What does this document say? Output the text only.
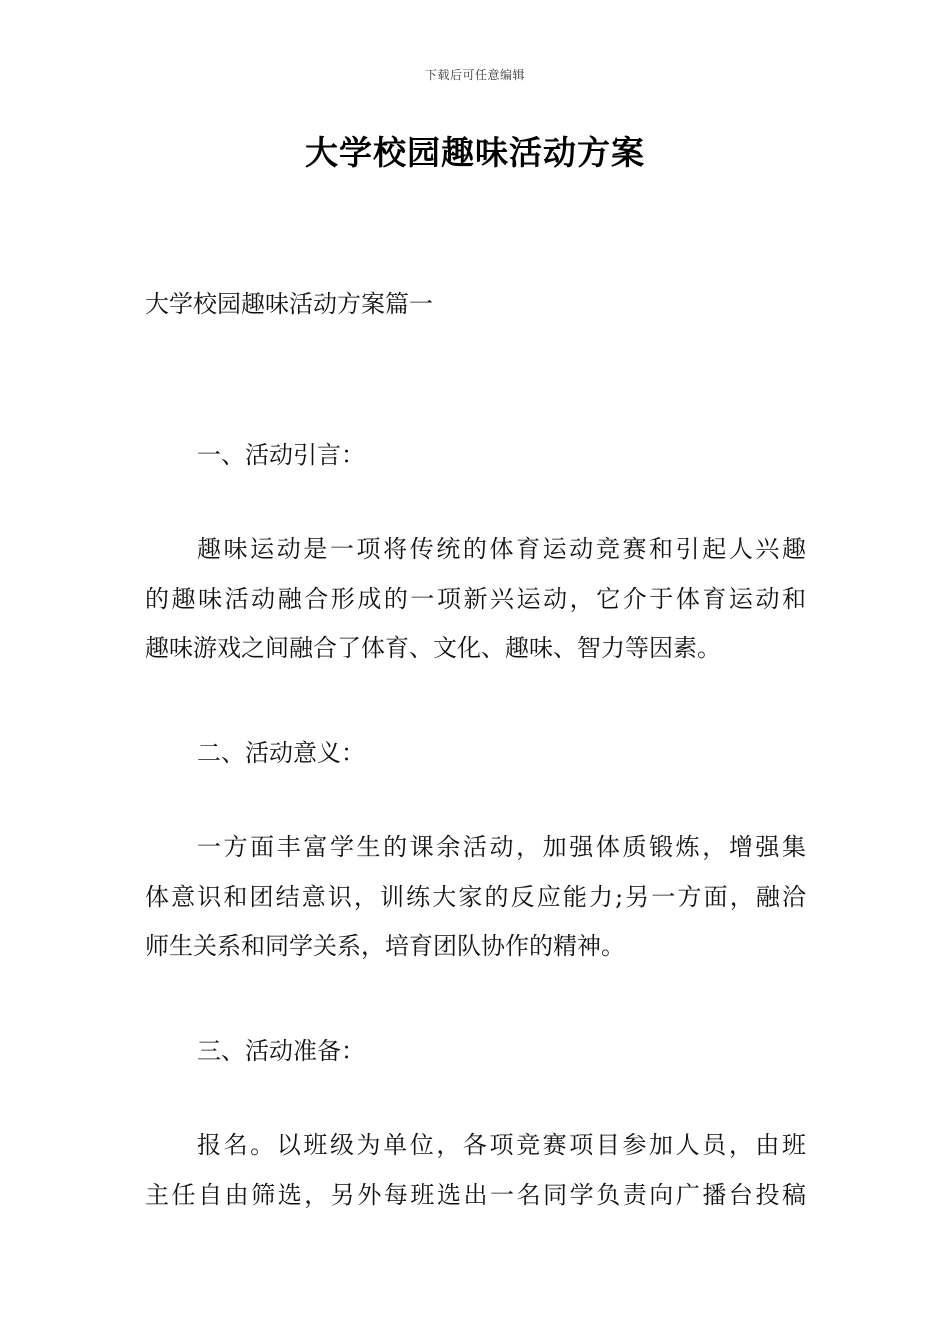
下载后可任意编辑
大学校园趣味活动方案
大学校园趣味活动方案篇一
一、活动引言：
趣味运动是一项将传统的体育运动竞赛和引起人兴趣
的趣味活动融合形成的一项新兴运动，它介于体育运动和
趣味游戏之间融合了体育、文化、趣味、智力等因素。
二、活动意义：
一方面丰富学生的课余活动，加强体质锻炼，增强集
体意识和团结意识，训练大家的反应能力;另一方面，融洽
师生关系和同学关系，培育团队协作的精神。
三、活动准备：
报名。以班级为单位，各项竞赛项目参加人员，由班
主任自由筛选，另外每班选出一名同学负责向广播台投稿
